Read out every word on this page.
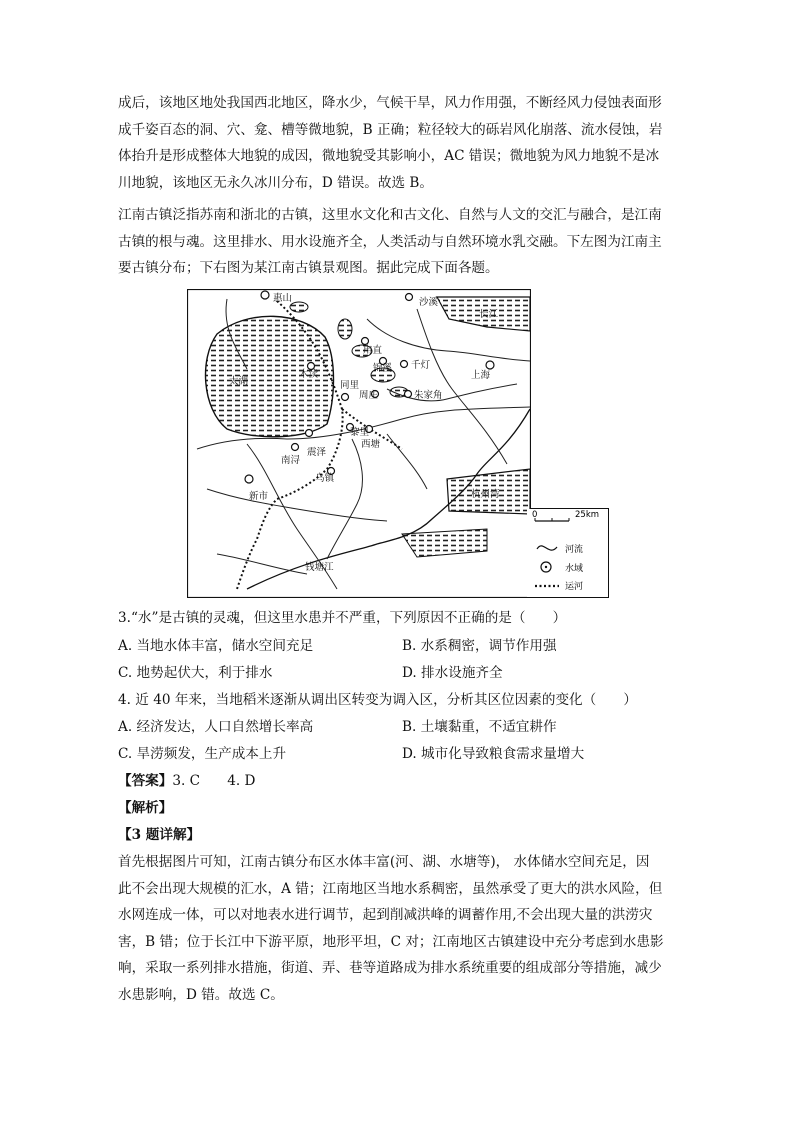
成后，该地区地处我国西北地区，降水少，气候干旱，风力作用强，不断经风力侵蚀表面形
成千姿百态的洞、穴、龛、槽等微地貌，B 正确；粒径较大的砾岩风化崩落、流水侵蚀，岩
体抬升是形成整体大地貌的成因，微地貌受其影响小，AC 错误；微地貌为风力地貌不是冰
川地貌，该地区无永久冰川分布，D 错误。故选 B。
江南古镇泛指苏南和浙北的古镇，这里水文化和古文化、自然与人文的交汇与融合，是江南
古镇的根与魂。这里排水、用水设施齐全，人类活动与自然环境水乳交融。下左图为江南主
要古镇分布；下右图为某江南古镇景观图。据此完成下面各题。
惠山	沙溪
长江
太湖
甪直
锦溪 千灯
木渎	上海
同里
周庄	朱家角
黎里
西塘
震泽
南浔
乌镇
新市	杭州湾
钱塘江
0	25km
河流
水域
运河
3.“水”是古镇的灵魂，但这里水患并不严重，下列原因不正确的是（　　）
A. 当地水体丰富，储水空间充足	B. 水系稠密，调节作用强
C. 地势起伏大，利于排水	D. 排水设施齐全
4. 近 40 年来，当地稻米逐渐从调出区转变为调入区，分析其区位因素的变化（　　）
A. 经济发达，人口自然增长率高	B. 土壤黏重，不适宜耕作
C. 旱涝频发，生产成本上升	D. 城市化导致粮食需求量增大
【答案】3. C　　4. D
【解析】
【3 题详解】
首先根据图片可知，江南古镇分布区水体丰富(河、湖、水塘等)， 水体储水空间充足，因
此不会出现大规模的汇水，A 错；江南地区当地水系稠密，虽然承受了更大的洪水风险，但
水网连成一体，可以对地表水进行调节，起到削减洪峰的调蓄作用,不会出现大量的洪涝灾
害，B 错；位于长江中下游平原，地形平坦，C 对；江南地区古镇建设中充分考虑到水患影
响，采取一系列排水措施，街道、弄、巷等道路成为排水系统重要的组成部分等措施，减少
水患影响，D 错。故选 C。
